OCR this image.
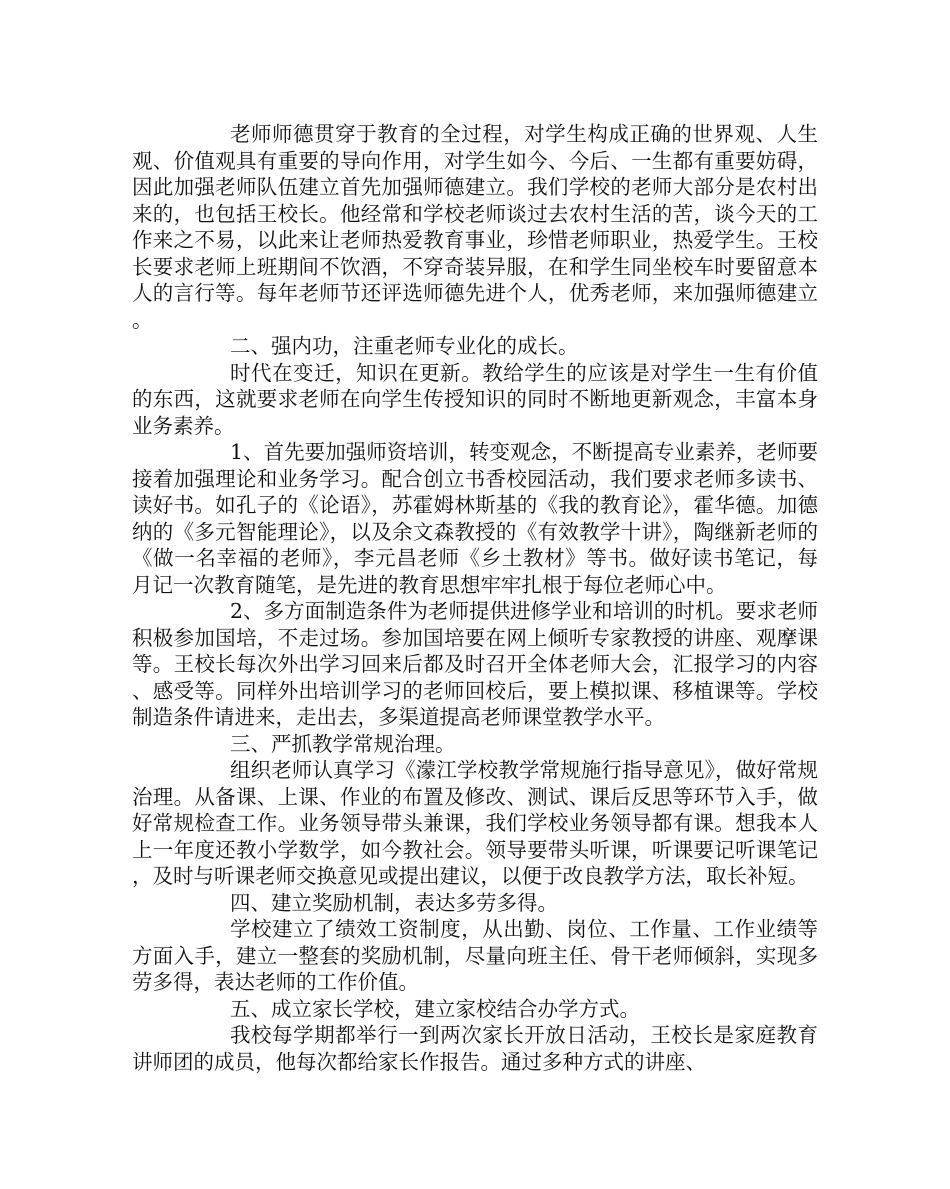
老师师德贯穿于教育的全过程，对学生构成正确的世界观、人生观、价值观具有重要的导向作用，对学生如今、今后、一生都有重要妨碍，因此加强老师队伍建立首先加强师德建立。我们学校的老师大部分是农村出来的，也包括王校长。他经常和学校老师谈过去农村生活的苦，谈今天的工作来之不易，以此来让老师热爱教育事业，珍惜老师职业，热爱学生。王校长要求老师上班期间不饮酒，不穿奇装异服，在和学生同坐校车时要留意本人的言行等。每年老师节还评选师德先进个人，优秀老师，来加强师德建立。

二、强内功，注重老师专业化的成长。

时代在变迁，知识在更新。教给学生的应该是对学生一生有价值的东西，这就要求老师在向学生传授知识的同时不断地更新观念，丰富本身业务素养。

1、首先要加强师资培训，转变观念，不断提高专业素养，老师要接着加强理论和业务学习。配合创立书香校园活动，我们要求老师多读书、读好书。如孔子的《论语》，苏霍姆林斯基的《我的教育论》，霍华德。加德纳的《多元智能理论》，以及余文森教授的《有效教学十讲》，陶继新老师的《做一名幸福的老师》，李元昌老师《乡土教材》等书。做好读书笔记，每月记一次教育随笔，是先进的教育思想牢牢扎根于每位老师心中。

2、多方面制造条件为老师提供进修学业和培训的时机。要求老师积极参加国培，不走过场。参加国培要在网上倾听专家教授的讲座、观摩课等。王校长每次外出学习回来后都及时召开全体老师大会，汇报学习的内容、感受等。同样外出培训学习的老师回校后，要上模拟课、移植课等。学校制造条件请进来，走出去，多渠道提高老师课堂教学水平。

三、严抓教学常规治理。

组织老师认真学习《濛江学校教学常规施行指导意见》，做好常规治理。从备课、上课、作业的布置及修改、测试、课后反思等环节入手，做好常规检查工作。业务领导带头兼课，我们学校业务领导都有课。想我本人上一年度还教小学数学，如今教社会。领导要带头听课，听课要记听课笔记，及时与听课老师交换意见或提出建议，以便于改良教学方法，取长补短。

四、建立奖励机制，表达多劳多得。

学校建立了绩效工资制度，从出勤、岗位、工作量、工作业绩等方面入手，建立一整套的奖励机制，尽量向班主任、骨干老师倾斜，实现多劳多得，表达老师的工作价值。

五、成立家长学校，建立家校结合办学方式。

我校每学期都举行一到两次家长开放日活动，王校长是家庭教育讲师团的成员，他每次都给家长作报告。通过多种方式的讲座、
